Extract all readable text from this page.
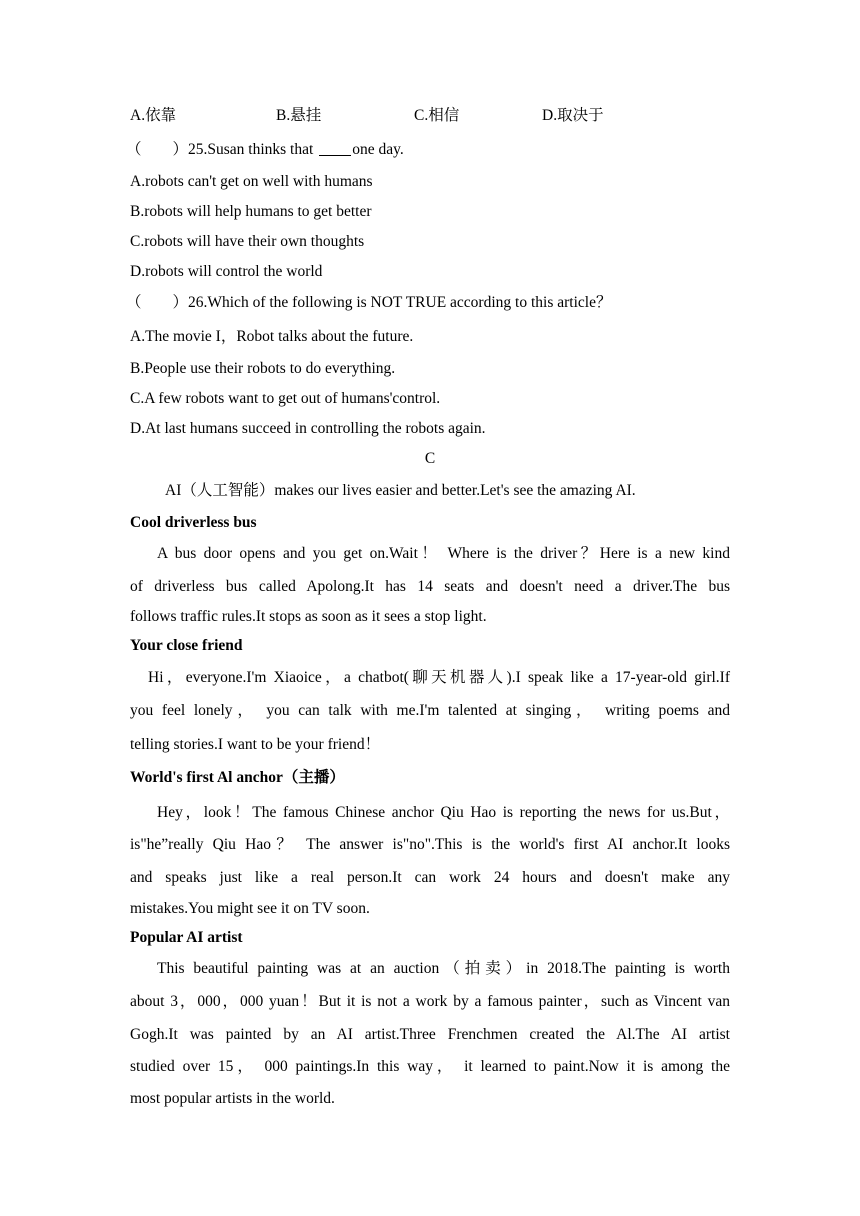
A.依靠	B.悬挂	C.相信	D.取决于
（　　）25.Susan thinks that	one day.
A.robots can't get on well with humans
B.robots will help humans to get better
C.robots will have their own thoughts
D.robots will control the world
（　　）26.Which of the following is NOT TRUE according to this article？
A.The movie I，Robot talks about the future.
B.People use their robots to do everything.
C.A few robots want to get out of humans'control.
D.At last humans succeed in controlling the robots again.
C
AI（人工智能）makes our lives easier and better.Let's see the amazing AI.
Cool driverless bus
A bus door opens and you get on.Wait！ Where is the driver？Here is a new kind
of driverless bus called Apolong.It has 14 seats and doesn't need a driver.The bus
follows traffic rules.It stops as soon as it sees a stop light.
Your close friend
Hi，everyone.I'm Xiaoice，a chatbot(聊天机器人).I speak like a 17-year-old girl.If
you feel lonely， you can talk with me.I'm talented at singing， writing poems and
telling stories.I want to be your friend！
World's first Al anchor（主播）
Hey，look！The famous Chinese anchor Qiu Hao is reporting the news for us.But，
is"he”really Qiu Hao？ The answer is"no".This is the world's first AI anchor.It looks
and speaks just like a real person.It can work 24 hours and doesn't make any
mistakes.You might see it on TV soon.
Popular AI artist
This beautiful painting was at an auction（拍卖）in 2018.The painting is worth
about 3，000，000 yuan！But it is not a work by a famous painter，such as Vincent van
Gogh.It was painted by an AI artist.Three Frenchmen created the Al.The AI artist
studied over 15， 000 paintings.In this way， it learned to paint.Now it is among the
most popular artists in the world.
